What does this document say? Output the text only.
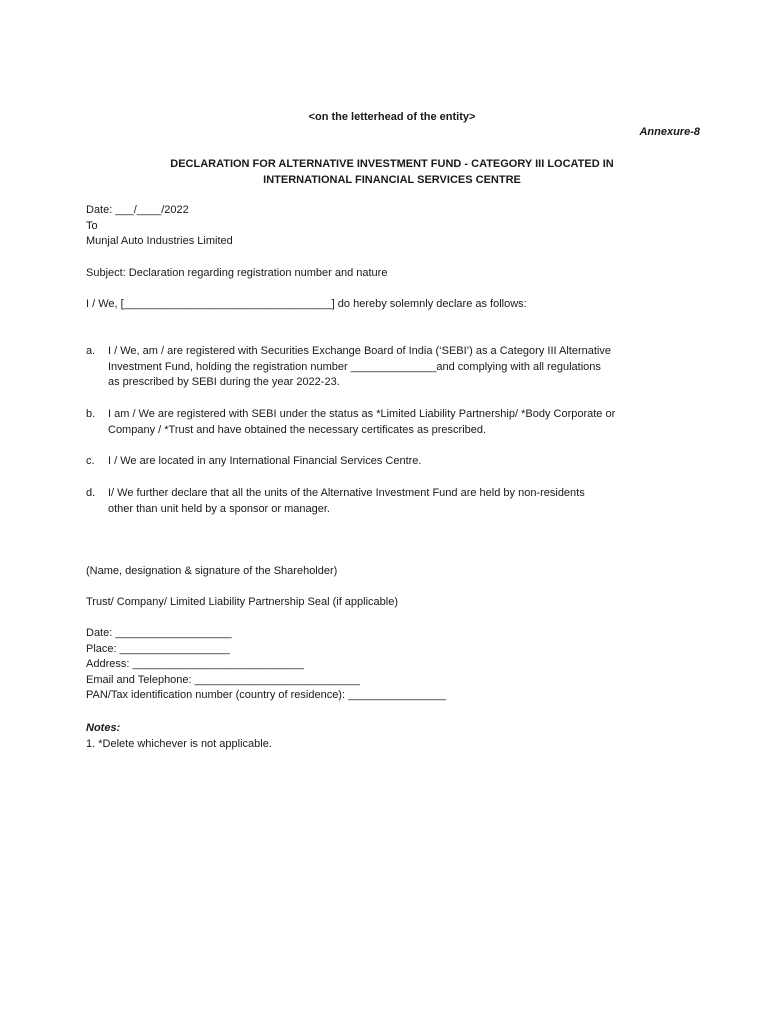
<on the letterhead of the entity>
Annexure-8
DECLARATION FOR ALTERNATIVE INVESTMENT FUND - CATEGORY III LOCATED IN
INTERNATIONAL FINANCIAL SERVICES CENTRE
Date: ___/____/2022
To
Munjal Auto Industries Limited
Subject: Declaration regarding registration number and nature
I / We, [__________________________________] do hereby solemnly declare as follows:
a. I / We, am / are registered with Securities Exchange Board of India (‘SEBI’) as a Category III Alternative
Investment Fund, holding the registration number ______________and complying with all regulations
as prescribed by SEBI during the year 2022-23.
b. I am / We are registered with SEBI under the status as *Limited Liability Partnership/ *Body Corporate or
Company / *Trust and have obtained the necessary certificates as prescribed.
c. I / We are located in any International Financial Services Centre.
d. I/ We further declare that all the units of the Alternative Investment Fund are held by non-residents
other than unit held by a sponsor or manager.
(Name, designation & signature of the Shareholder)
Trust/ Company/ Limited Liability Partnership Seal (if applicable)
Date: ___________________
Place: __________________
Address: ____________________________
Email and Telephone: ___________________________
PAN/Tax identification number (country of residence): ________________
Notes:
1. *Delete whichever is not applicable.
